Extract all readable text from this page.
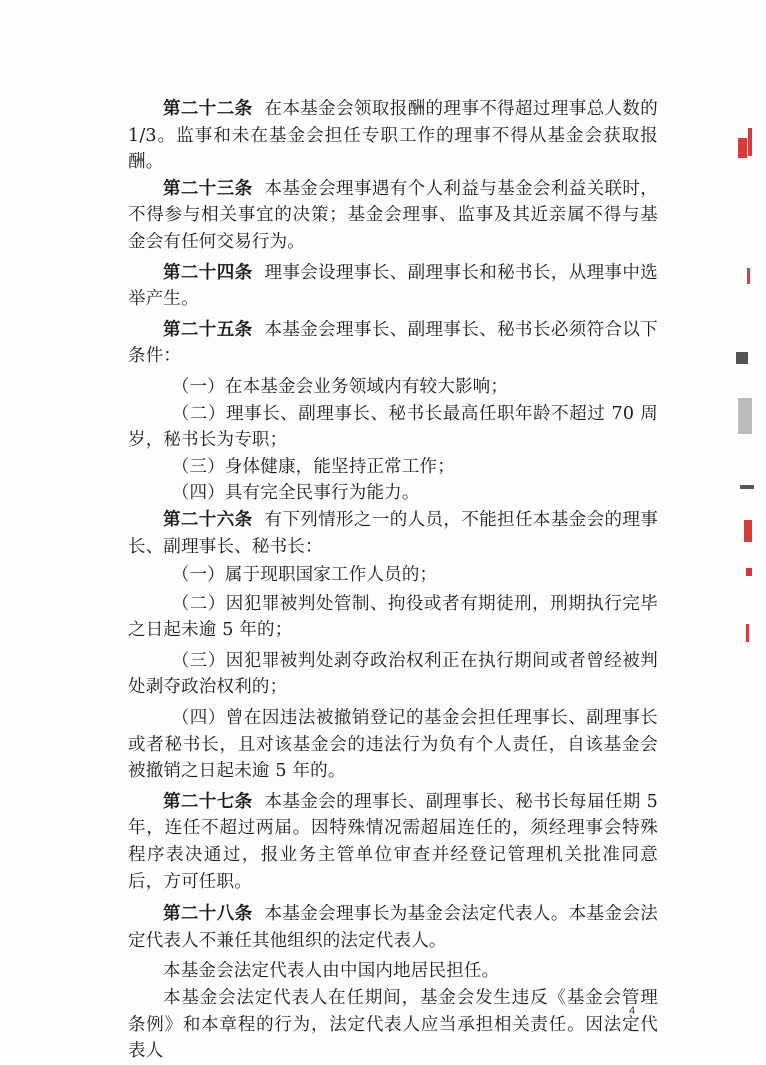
第二十二条 在本基金会领取报酬的理事不得超过理事总人数的1/3。监事和未在基金会担任专职工作的理事不得从基金会获取报酬。

第二十三条 本基金会理事遇有个人利益与基金会利益关联时，不得参与相关事宜的决策；基金会理事、监事及其近亲属不得与基金会有任何交易行为。

第二十四条 理事会设理事长、副理事长和秘书长，从理事中选举产生。

第二十五条 本基金会理事长、副理事长、秘书长必须符合以下条件：

（一）在本基金会业务领域内有较大影响；

（二）理事长、副理事长、秘书长最高任职年龄不超过 70 周岁，秘书长为专职；

（三）身体健康，能坚持正常工作；

（四）具有完全民事行为能力。

第二十六条 有下列情形之一的人员，不能担任本基金会的理事长、副理事长、秘书长：

（一）属于现职国家工作人员的；

（二）因犯罪被判处管制、拘役或者有期徒刑，刑期执行完毕之日起未逾 5 年的；

（三）因犯罪被判处剥夺政治权利正在执行期间或者曾经被判处剥夺政治权利的；

（四）曾在因违法被撤销登记的基金会担任理事长、副理事长或者秘书长，且对该基金会的违法行为负有个人责任，自该基金会被撤销之日起未逾 5 年的。

第二十七条 本基金会的理事长、副理事长、秘书长每届任期 5 年，连任不超过两届。因特殊情况需超届连任的，须经理事会特殊程序表决通过，报业务主管单位审查并经登记管理机关批准同意后，方可任职。

第二十八条 本基金会理事长为基金会法定代表人。本基金会法定代表人不兼任其他组织的法定代表人。

本基金会法定代表人由中国内地居民担任。

本基金会法定代表人在任期间，基金会发生违反《基金会管理条例》和本章程的行为，法定代表人应当承担相关责任。因法定代表人

4
